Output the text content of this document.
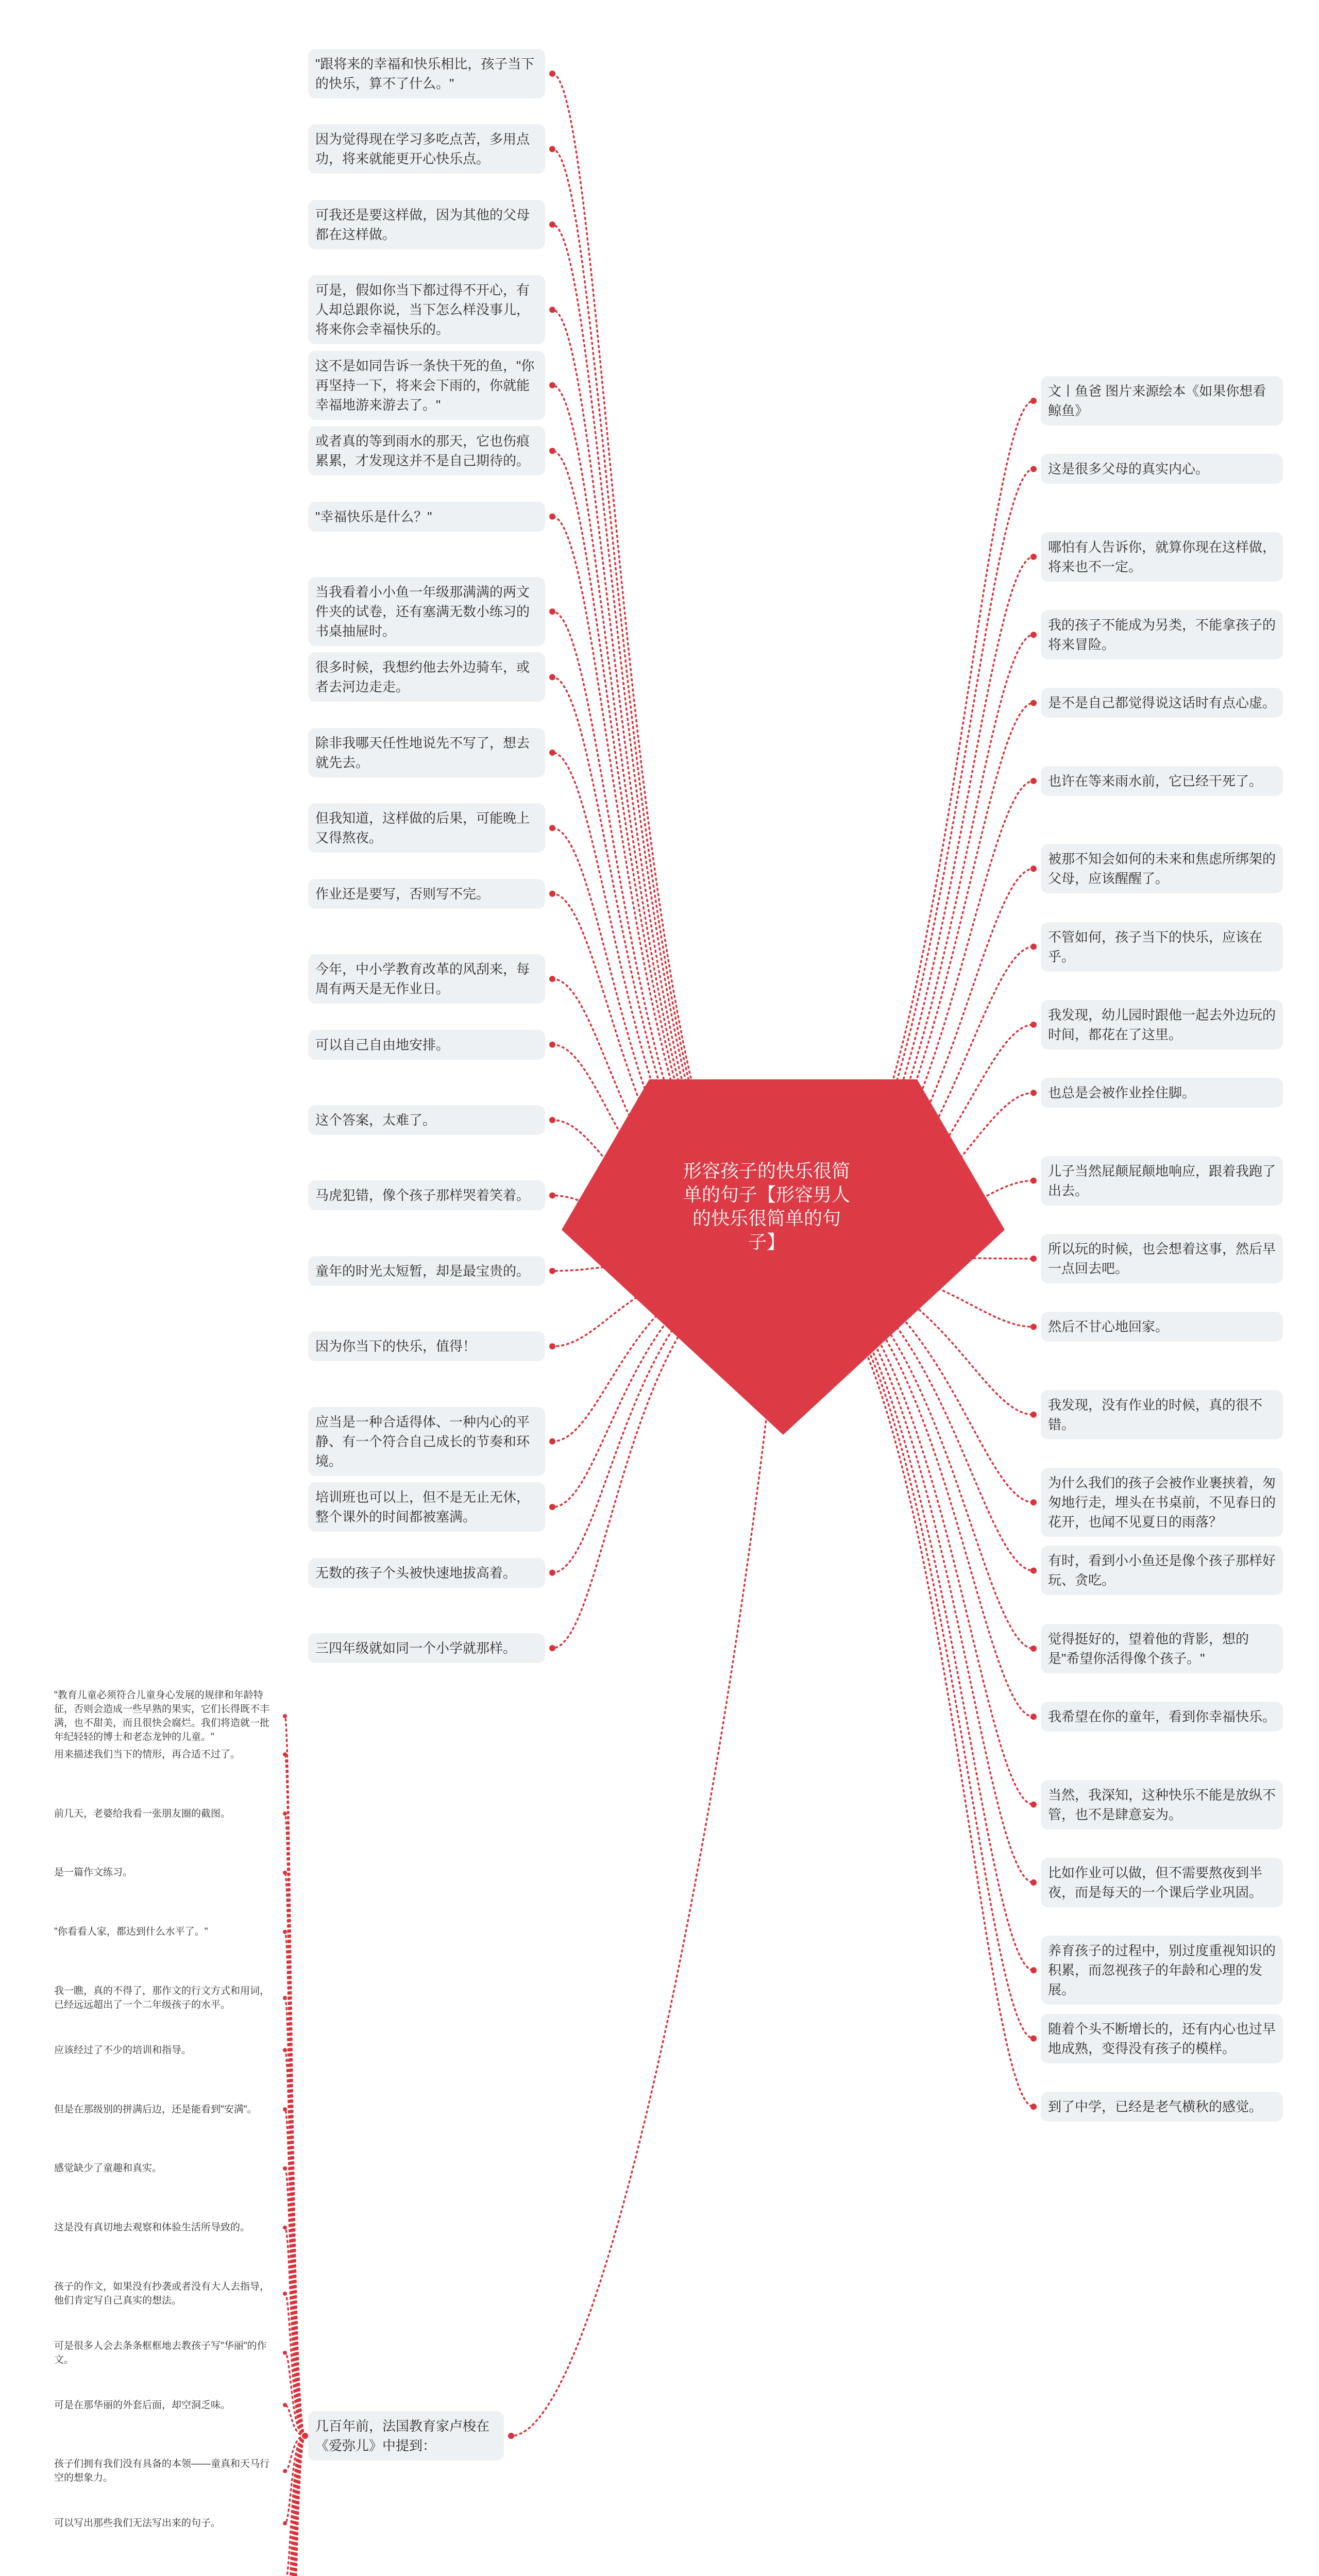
"跟将来的幸福和快乐相比，孩子当下的快乐，算不了什么。"
因为觉得现在学习多吃点苦，多用点功，将来就能更开心快乐点。
可我还是要这样做，因为其他的父母都在这样做。
可是，假如你当下都过得不开心，有人却总跟你说，当下怎么样没事儿，将来你会幸福快乐的。
这不是如同告诉一条快干死的鱼，"你再坚持一下，将来会下雨的，你就能幸福地游来游去了。"
或者真的等到雨水的那天，它也伤痕累累，才发现这并不是自己期待的。
"幸福快乐是什么？"
当我看着小小鱼一年级那满满的两文件夹的试卷，还有塞满无数小练习的书桌抽屉时。
很多时候，我想约他去外边骑车，或者去河边走走。
除非我哪天任性地说先不写了，想去就先去。
但我知道，这样做的后果，可能晚上又得熬夜。
作业还是要写，否则写不完。
今年，中小学教育改革的风刮来，每周有两天是无作业日。
可以自己自由地安排。
这个答案，太难了。
马虎犯错，像个孩子那样哭着笑着。
童年的时光太短暂，却是最宝贵的。
因为你当下的快乐，值得！
应当是一种合适得体、一种内心的平静、有一个符合自己成长的节奏和环境。
培训班也可以上，但不是无止无休，整个课外的时间都被塞满。
无数的孩子个头被快速地拔高着。
三四年级就如同一个小学就那样。
文丨鱼爸 图片来源绘本《如果你想看鲸鱼》
这是很多父母的真实内心。
哪怕有人告诉你，就算你现在这样做，将来也不一定。
我的孩子不能成为另类，不能拿孩子的将来冒险。
是不是自己都觉得说这话时有点心虚。
也许在等来雨水前，它已经干死了。
被那不知会如何的未来和焦虑所绑架的父母，应该醒醒了。
不管如何，孩子当下的快乐，应该在乎。
我发现，幼儿园时跟他一起去外边玩的时间，都花在了这里。
也总是会被作业拴住脚。
儿子当然屁颠屁颠地响应，跟着我跑了出去。
所以玩的时候，也会想着这事，然后早一点回去吧。
然后不甘心地回家。
我发现，没有作业的时候，真的很不错。
为什么我们的孩子会被作业裹挟着，匆匆地行走，埋头在书桌前，不见春日的花开，也闻不见夏日的雨落？
有时，看到小小鱼还是像个孩子那样好玩、贪吃。
觉得挺好的，望着他的背影，想的是"希望你活得像个孩子。"
我希望在你的童年，看到你幸福快乐。
当然，我深知，这种快乐不能是放纵不管，也不是肆意妄为。
比如作业可以做，但不需要熬夜到半夜，而是每天的一个课后学业巩固。
养育孩子的过程中，别过度重视知识的积累，而忽视孩子的年龄和心理的发展。
随着个头不断增长的，还有内心也过早地成熟，变得没有孩子的模样。
到了中学，已经是老气横秋的感觉。
几百年前，法国教育家卢梭在《爱弥儿》中提到：
"教育儿童必须符合儿童身心发展的规律和年龄特征，否则会造成一些早熟的果实，它们长得既不丰满，也不甜美，而且很快会腐烂。我们将造就一批年纪轻轻的博士和老态龙钟的儿童。"
用来描述我们当下的情形，再合适不过了。
前几天，老婆给我看一张朋友圈的截图。
是一篇作文练习。
"你看看人家，都达到什么水平了。"
我一瞧，真的不得了，那作文的行文方式和用词，已经远远超出了一个二年级孩子的水平。
应该经过了不少的培训和指导。
但是在那级别的拼满后边，还是能看到"安满"。
感觉缺少了童趣和真实。
这是没有真切地去观察和体验生活所导致的。
孩子的作文，如果没有抄袭或者没有大人去指导，他们肯定写自己真实的想法。
可是很多人会去条条框框地去教孩子写"华丽"的作文。
可是在那华丽的外套后面，却空洞乏味。
孩子们拥有我们没有具备的本领——童真和天马行空的想象力。
可以写出那些我们无法写出来的句子。
形容孩子的快乐很简单的句子【形容男人的快乐很简单的句子】
